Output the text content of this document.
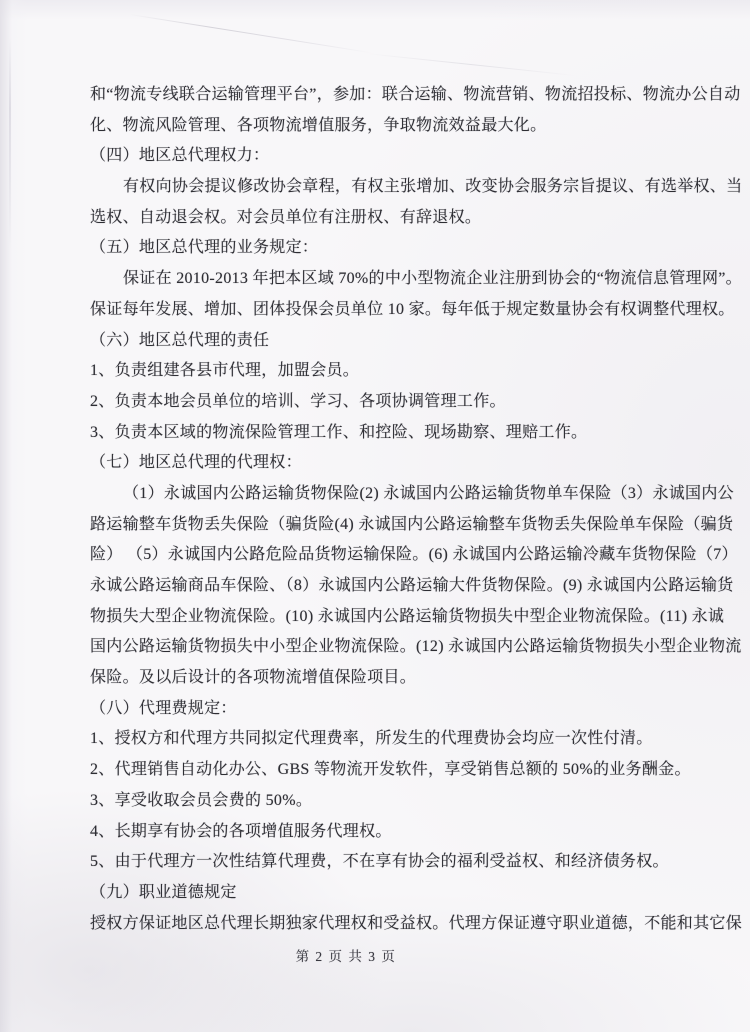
和“物流专线联合运输管理平台”，参加：联合运输、物流营销、物流招投标、物流办公自动

化、物流风险管理、各项物流增值服务，争取物流效益最大化。

（四）地区总代理权力：

有权向协会提议修改协会章程，有权主张增加、改变协会服务宗旨提议、有选举权、当

选权、自动退会权。对会员单位有注册权、有辞退权。

（五）地区总代理的业务规定：

保证在 2010-2013 年把本区域 70%的中小型物流企业注册到协会的“物流信息管理网”。

保证每年发展、增加、团体投保会员单位 10 家。每年低于规定数量协会有权调整代理权。

（六）地区总代理的责任

1、负责组建各县市代理，加盟会员。

2、负责本地会员单位的培训、学习、各项协调管理工作。

3、负责本区域的物流保险管理工作、和控险、现场勘察、理赔工作。

（七）地区总代理的代理权：

（1）永诚国内公路运输货物保险(2) 永诚国内公路运输货物单车保险（3）永诚国内公

路运输整车货物丢失保险（骗货险(4) 永诚国内公路运输整车货物丢失保险单车保险（骗货

险） （5）永诚国内公路危险品货物运输保险。(6) 永诚国内公路运输冷藏车货物保险（7）

永诚公路运输商品车保险、（8）永诚国内公路运输大件货物保险。(9) 永诚国内公路运输货

物损失大型企业物流保险。(10) 永诚国内公路运输货物损失中型企业物流保险。(11) 永诚

国内公路运输货物损失中小型企业物流保险。(12) 永诚国内公路运输货物损失小型企业物流

保险。及以后设计的各项物流增值保险项目。

（八）代理费规定：

1、授权方和代理方共同拟定代理费率，所发生的代理费协会均应一次性付清。

2、代理销售自动化办公、GBS 等物流开发软件，享受销售总额的 50%的业务酬金。

3、享受收取会员会费的 50%。

4、长期享有协会的各项增值服务代理权。

5、由于代理方一次性结算代理费，不在享有协会的福利受益权、和经济债务权。

（九）职业道德规定

授权方保证地区总代理长期独家代理权和受益权。代理方保证遵守职业道德，不能和其它保

第 2 页 共 3 页
